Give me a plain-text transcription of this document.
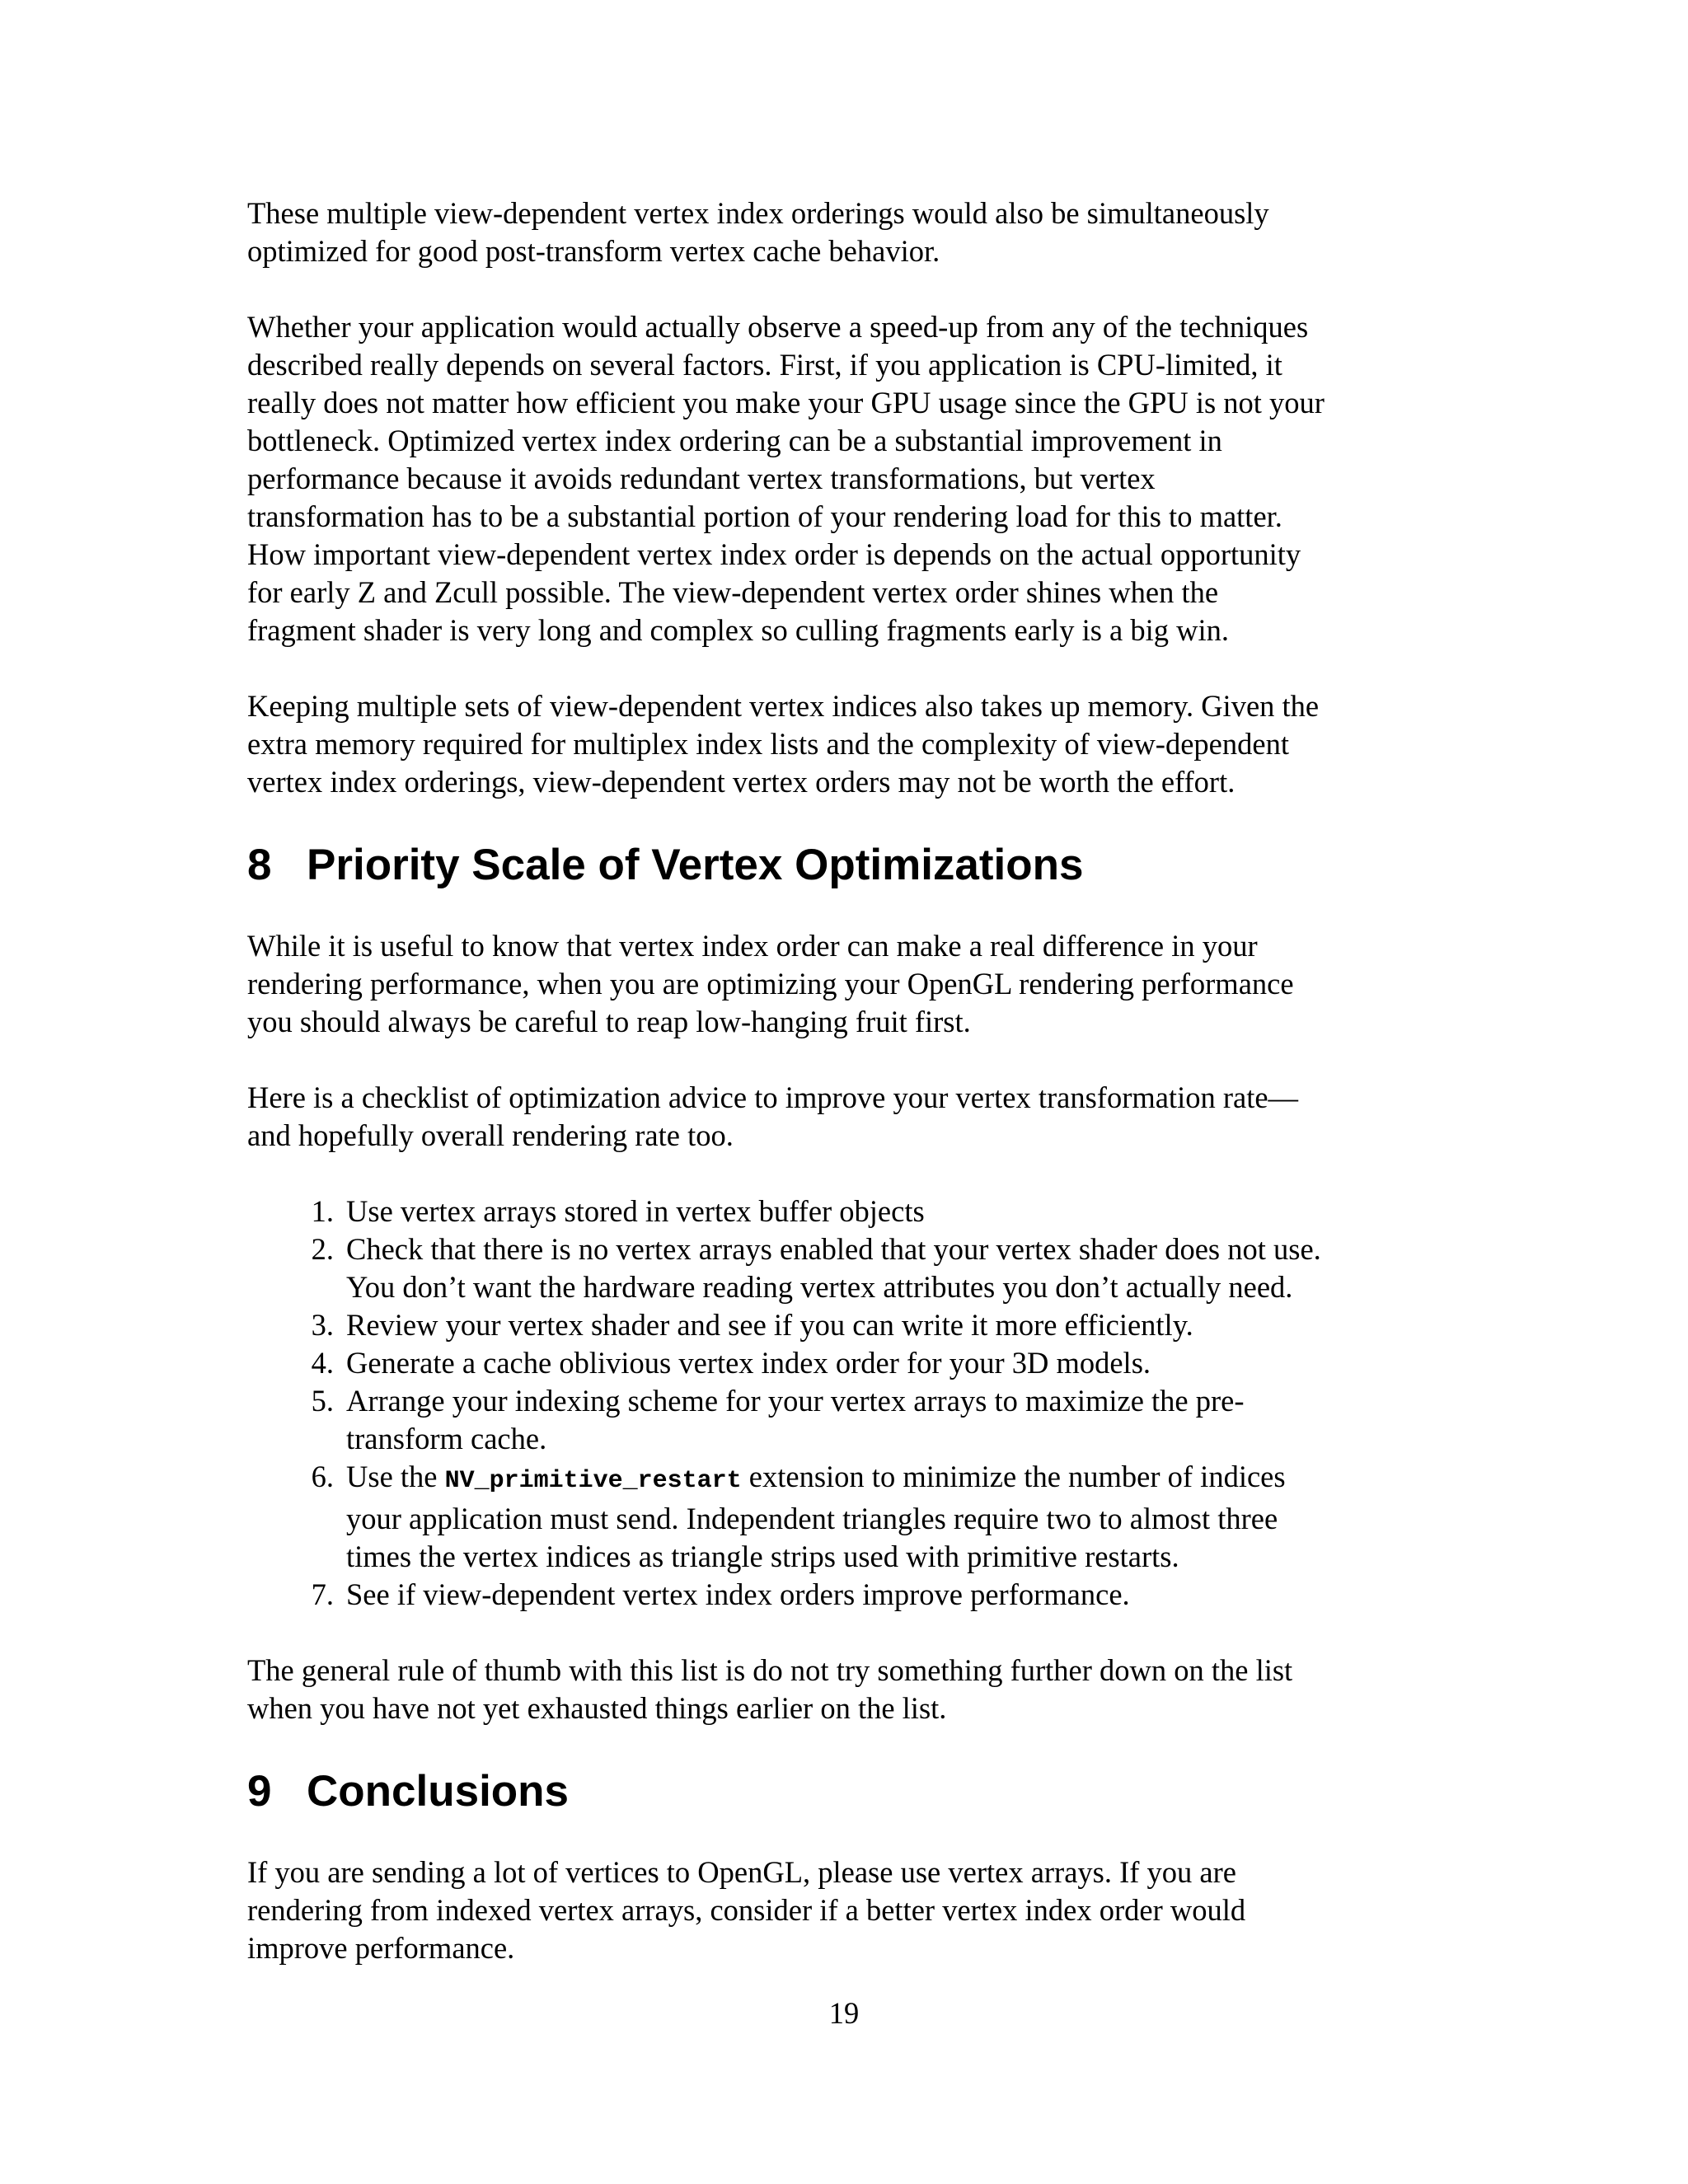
These multiple view-dependent vertex index orderings would also be simultaneously
optimized for good post-transform vertex cache behavior.

Whether your application would actually observe a speed-up from any of the techniques
described really depends on several factors. First, if you application is CPU-limited, it
really does not matter how efficient you make your GPU usage since the GPU is not your
bottleneck. Optimized vertex index ordering can be a substantial improvement in
performance because it avoids redundant vertex transformations, but vertex
transformation has to be a substantial portion of your rendering load for this to matter.
How important view-dependent vertex index order is depends on the actual opportunity
for early Z and Zcull possible. The view-dependent vertex order shines when the
fragment shader is very long and complex so culling fragments early is a big win.

Keeping multiple sets of view-dependent vertex indices also takes up memory. Given the
extra memory required for multiplex index lists and the complexity of view-dependent
vertex index orderings, view-dependent vertex orders may not be worth the effort.

8 Priority Scale of Vertex Optimizations

While it is useful to know that vertex index order can make a real difference in your
rendering performance, when you are optimizing your OpenGL rendering performance
you should always be careful to reap low-hanging fruit first.

Here is a checklist of optimization advice to improve your vertex transformation rate—
and hopefully overall rendering rate too.

1. Use vertex arrays stored in vertex buffer objects
2. Check that there is no vertex arrays enabled that your vertex shader does not use.
You don’t want the hardware reading vertex attributes you don’t actually need.
3. Review your vertex shader and see if you can write it more efficiently.
4. Generate a cache oblivious vertex index order for your 3D models.
5. Arrange your indexing scheme for your vertex arrays to maximize the pre-
transform cache.
6. Use the NV_primitive_restart extension to minimize the number of indices
your application must send. Independent triangles require two to almost three
times the vertex indices as triangle strips used with primitive restarts.
7. See if view-dependent vertex index orders improve performance.

The general rule of thumb with this list is do not try something further down on the list
when you have not yet exhausted things earlier on the list.

9 Conclusions

If you are sending a lot of vertices to OpenGL, please use vertex arrays. If you are
rendering from indexed vertex arrays, consider if a better vertex index order would
improve performance.

19
